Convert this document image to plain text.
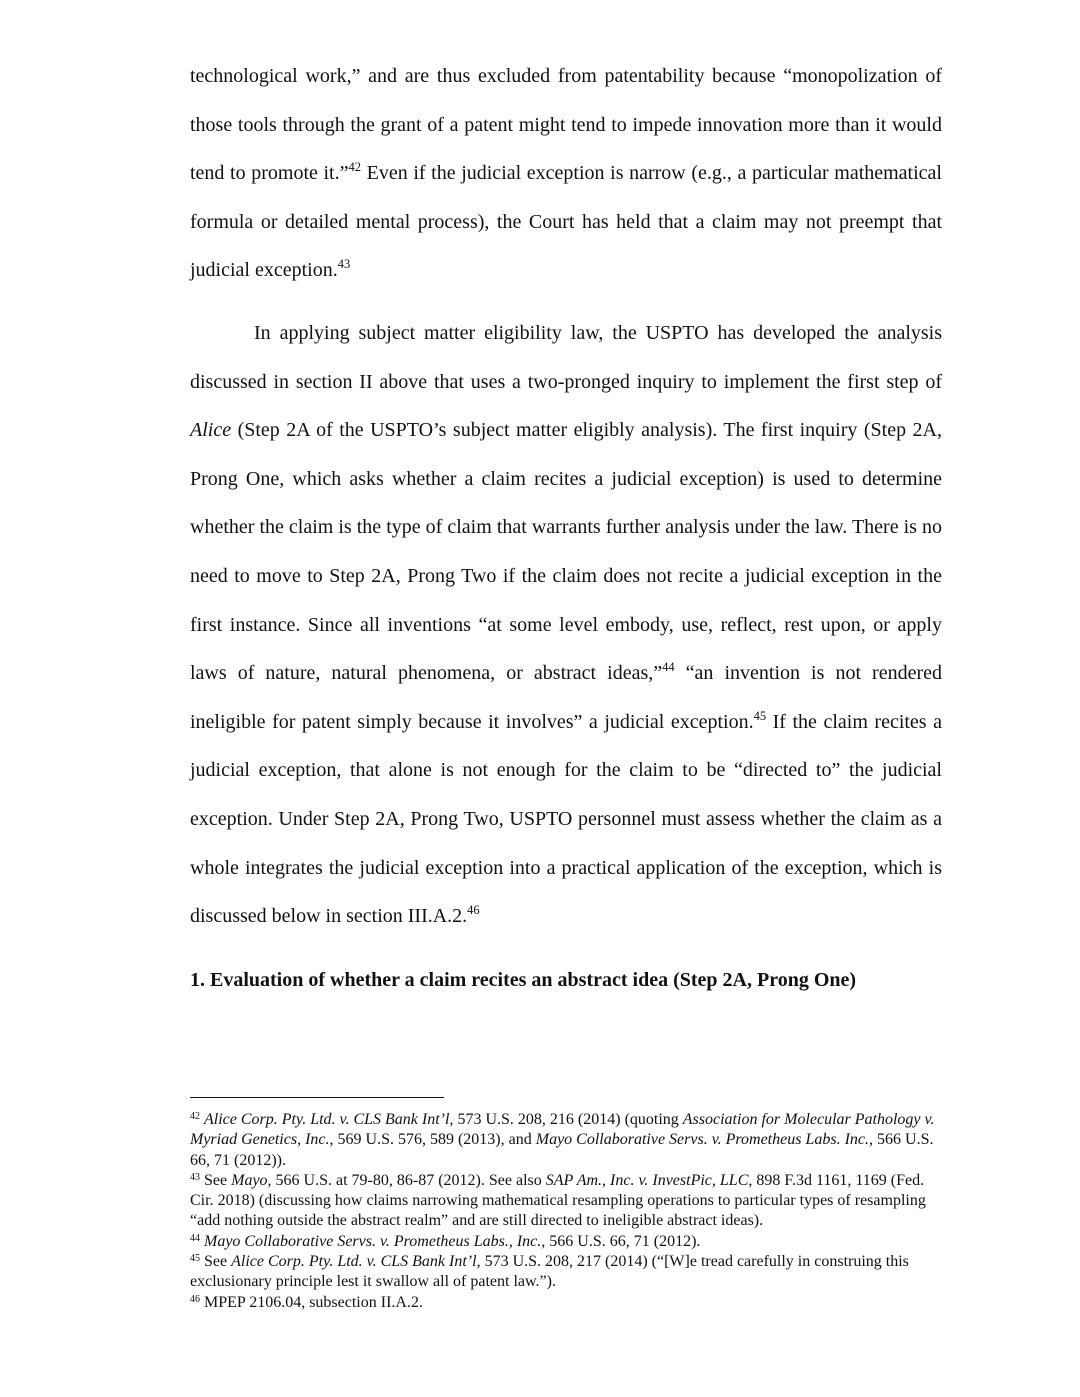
technological work,” and are thus excluded from patentability because “monopolization of those tools through the grant of a patent might tend to impede innovation more than it would tend to promote it.”$^{42}$ Even if the judicial exception is narrow (e.g., a particular mathematical formula or detailed mental process), the Court has held that a claim may not preempt that judicial exception.$^{43}$

In applying subject matter eligibility law, the USPTO has developed the analysis discussed in section II above that uses a two-pronged inquiry to implement the first step of Alice (Step 2A of the USPTO’s subject matter eligibly analysis). The first inquiry (Step 2A, Prong One, which asks whether a claim recites a judicial exception) is used to determine whether the claim is the type of claim that warrants further analysis under the law. There is no need to move to Step 2A, Prong Two if the claim does not recite a judicial exception in the first instance. Since all inventions “at some level embody, use, reflect, rest upon, or apply laws of nature, natural phenomena, or abstract ideas,”$^{44}$ “an invention is not rendered ineligible for patent simply because it involves” a judicial exception.$^{45}$ If the claim recites a judicial exception, that alone is not enough for the claim to be “directed to” the judicial exception. Under Step 2A, Prong Two, USPTO personnel must assess whether the claim as a whole integrates the judicial exception into a practical application of the exception, which is discussed below in section III.A.2.46

1. Evaluation of whether a claim recites an abstract idea (Step 2A, Prong One)

$^{42}$ Alice Corp. Pty. Ltd. v. CLS Bank Int’l, 573 U.S. 208, 216 (2014) (quoting Association for Molecular Pathology v. Myriad Genetics, Inc., 569 U.S. 576, 589 (2013), and Mayo Collaborative Servs. v. Prometheus Labs. Inc., 566 U.S. 66, 71 (2012)).

$^{43}$ See Mayo, 566 U.S. at 79-80, 86-87 (2012). See also SAP Am., Inc. v. InvestPic, LLC, 898 F.3d 1161, 1169 (Fed. Cir. 2018) (discussing how claims narrowing mathematical resampling operations to particular types of resampling “add nothing outside the abstract realm” and are still directed to ineligible abstract ideas).

$^{44}$ Mayo Collaborative Servs. v. Prometheus Labs., Inc., 566 U.S. 66, 71 (2012).

$^{45}$ See Alice Corp. Pty. Ltd. v. CLS Bank Int’l, 573 U.S. 208, 217 (2014) (“[W]e tread carefully in construing this exclusionary principle lest it swallow all of patent law.”).

$^{46}$ MPEP 2106.04, subsection II.A.2.
